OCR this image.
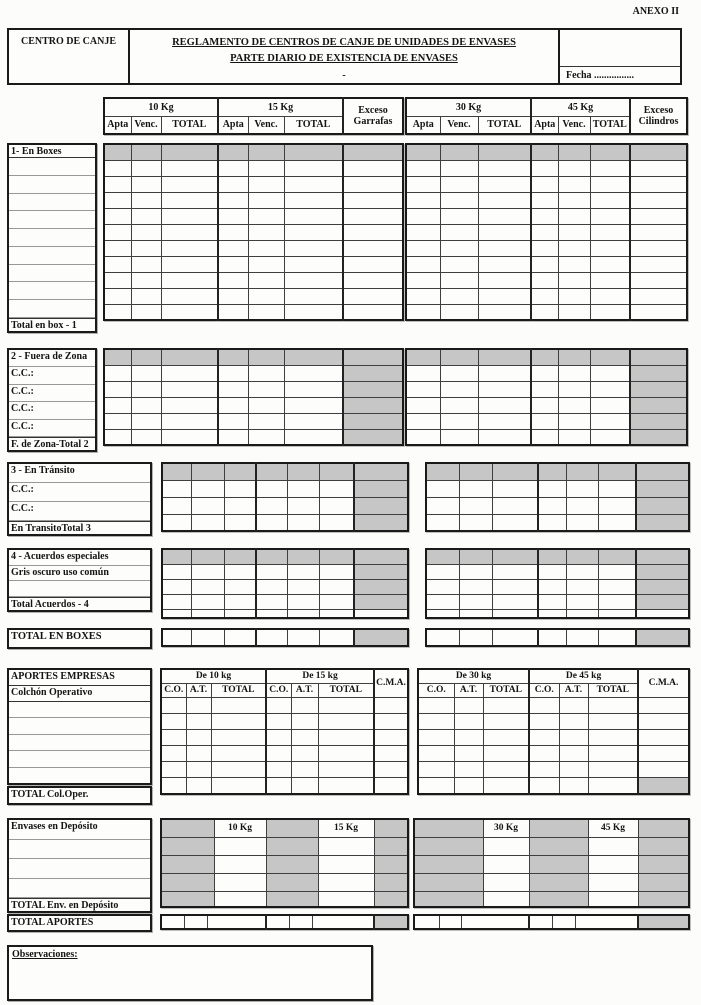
ANEXO II
CENTRO DE CANJE	REGLAMENTO DE CENTROS DE CANJE DE UNIDADES DE ENVASES
PARTE DIARIO DE EXISTENCIA DE ENVASES
-	Fecha ................
10 Kg			15 Kg			Exceso
Garrafas

Apta	Venc.	TOTAL	Apta	Venc.	TOTAL	
30 Kg			45 Kg			Exceso
Cilindros

Apta	Venc.	TOTAL	Apta	Venc.	TOTAL	
1- En Boxes
Total en box - 1

2 - Fuera de Zona
C.C.:
C.C.:
C.C.:
C.C.:
F. de Zona-Total 2

3 - En Tránsito
C.C.:
C.C.:
En TransitoTotal 3

4 - Acuerdos especiales
Gris oscuro uso común
Total Acuerdos - 4

TOTAL EN BOXES

APORTES EMPRESAS
Colchón Operativo
TOTAL Col.Oper.
De 10 kg			De 15 kg			C.M.A.
C.O.	A.T.	TOTAL	C.O.	A.T.	TOTAL	

De 30 kg			De 45 kg			C.M.A.
C.O.	A.T.	TOTAL	C.O.	A.T.	TOTAL	

Envases en Depósito
TOTAL Env. en Depósito
TOTAL APORTES
	10 Kg		15 Kg	

		30 Kg		45 Kg	

Observaciones:
